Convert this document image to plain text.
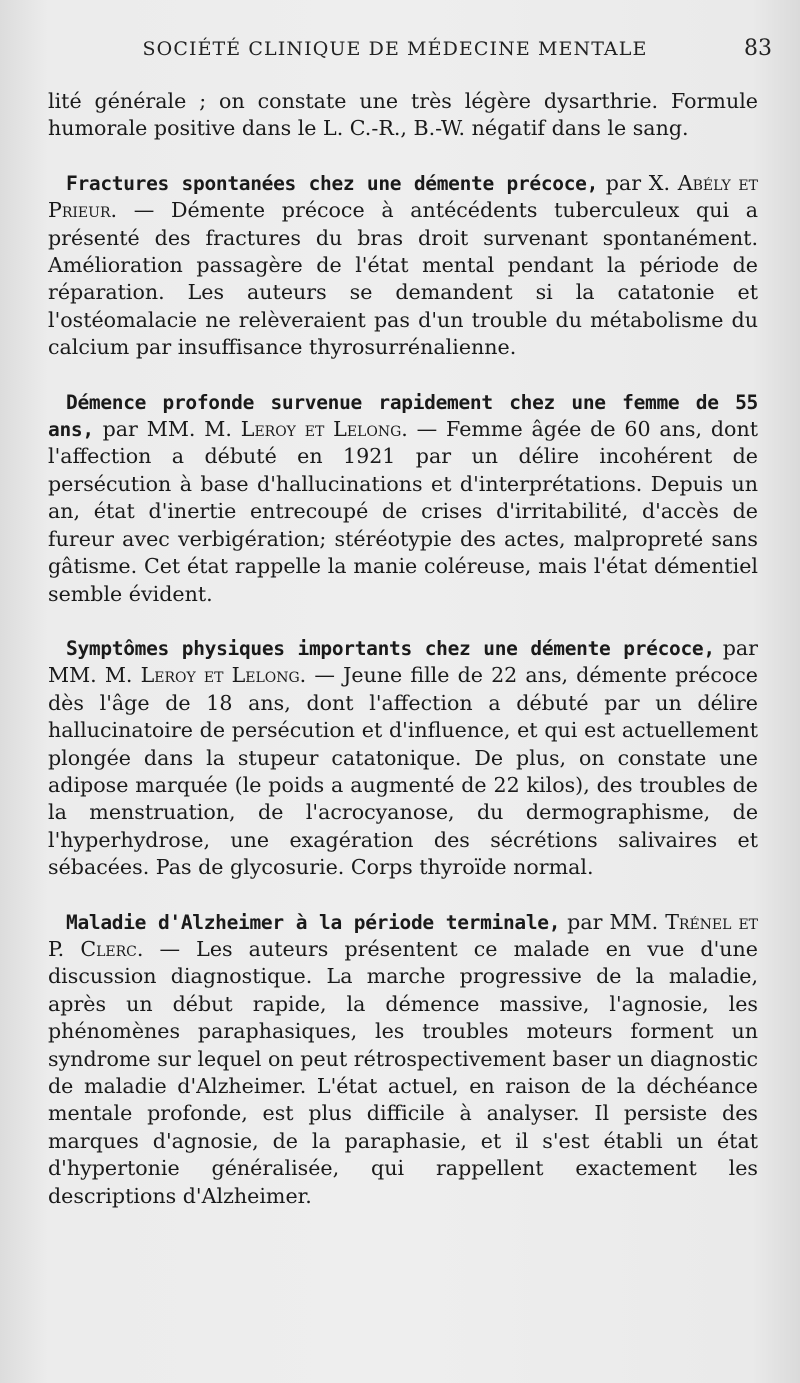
SOCIÉTÉ CLINIQUE DE MÉDECINE MENTALE	83

lité générale ; on constate une très légère dysarthrie. Formule humorale positive dans le L. C.-R., B.-W. négatif dans le sang.

Fractures spontanées chez une démente précoce, par X. Abély et Prieur. — Démente précoce à antécédents tuberculeux qui a présenté des fractures du bras droit survenant spontanément. Amélioration passagère de l'état mental pendant la période de réparation. Les auteurs se demandent si la catatonie et l'ostéomalacie ne relèveraient pas d'un trouble du métabolisme du calcium par insuffisance thyrosurrénalienne.

Démence profonde survenue rapidement chez une femme de 55 ans, par MM. M. Leroy et Lelong. — Femme âgée de 60 ans, dont l'affection a débuté en 1921 par un délire incohérent de persécution à base d'hallucinations et d'interprétations. Depuis un an, état d'inertie entrecoupé de crises d'irritabilité, d'accès de fureur avec verbigération; stéréotypie des actes, malpropreté sans gâtisme. Cet état rappelle la manie coléreuse, mais l'état démentiel semble évident.

Symptômes physiques importants chez une démente précoce, par MM. M. Leroy et Lelong. — Jeune fille de 22 ans, démente précoce dès l'âge de 18 ans, dont l'affection a débuté par un délire hallucinatoire de persécution et d'influence, et qui est actuellement plongée dans la stupeur catatonique. De plus, on constate une adipose marquée (le poids a augmenté de 22 kilos), des troubles de la menstruation, de l'acrocyanose, du dermographisme, de l'hyperhydrose, une exagération des sécrétions salivaires et sébacées. Pas de glycosurie. Corps thyroïde normal.

Maladie d'Alzheimer à la période terminale, par MM. Trénel et P. Clerc. — Les auteurs présentent ce malade en vue d'une discussion diagnostique. La marche progressive de la maladie, après un début rapide, la démence massive, l'agnosie, les phénomènes paraphasiques, les troubles moteurs forment un syndrome sur lequel on peut rétrospectivement baser un diagnostic de maladie d'Alzheimer. L'état actuel, en raison de la déchéance mentale profonde, est plus difficile à analyser. Il persiste des marques d'agnosie, de la paraphasie, et il s'est établi un état d'hypertonie généralisée, qui rappellent exactement les descriptions d'Alzheimer.
